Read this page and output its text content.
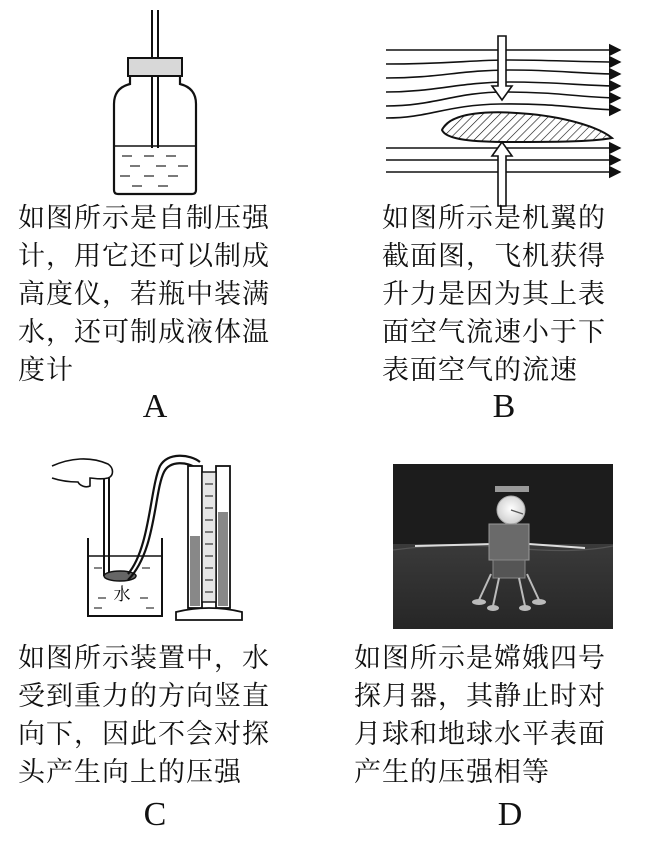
如图所示是自制压强
计，用它还可以制成
高度仪，若瓶中装满
水，还可制成液体温
度计

A

如图所示是机翼的
截面图，飞机获得
升力是因为其上表
面空气流速小于下
表面空气的流速

B
水

如图所示装置中，水
受到重力的方向竖直
向下，因此不会对探
头产生向上的压强

C

如图所示是嫦娥四号
探月器，其静止时对
月球和地球水平表面
产生的压强相等

D
